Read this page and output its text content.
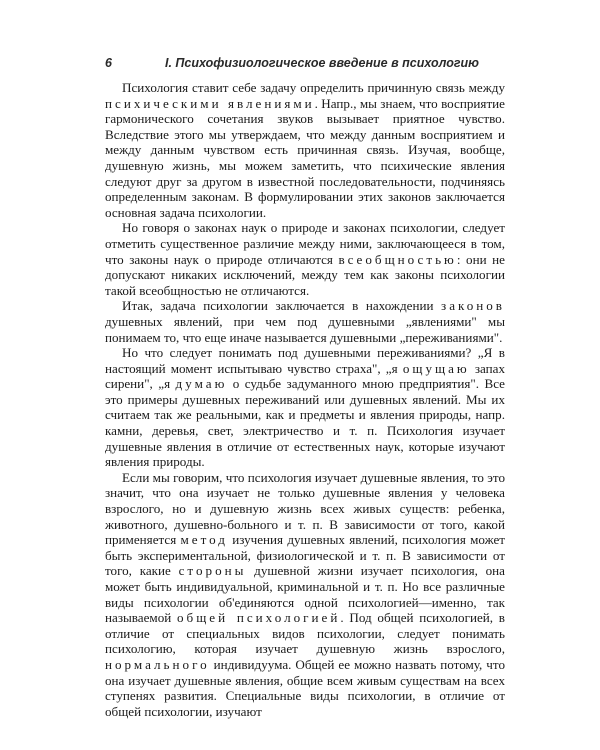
6	I. Психофизиологическое введение в психологию

Психология ставит себе задачу определить причинную связь между психическими явлениями. Напр., мы знаем, что восприятие гармонического сочетания звуков вызывает приятное чувство. Вследствие этого мы утверждаем, что между данным восприятием и между данным чувством есть причинная связь. Изучая, вообще, душевную жизнь, мы можем заметить, что психические явления следуют друг за другом в известной последовательности, подчиняясь определенным законам. В формулировании этих законов заключается основная задача психологии.

Но говоря о законах наук о природе и законах психологии, следует отметить существенное различие между ними, заключающееся в том, что законы наук о природе отличаются всеобщностью: они не допускают никаких исключений, между тем как законы психологии такой всеобщностью не отличаются.

Итак, задача психологии заключается в нахождении законов душевных явлений, при чем под душевными „явлениями" мы понимаем то, что еще иначе называется душевными „переживаниями".

Но что следует понимать под душевными переживаниями? „Я в настоящий момент испытываю чувство страха", „я ощущаю запах сирени", „я думаю о судьбе задуманного мною предприятия". Все это примеры душевных переживаний или душевных явлений. Мы их считаем так же реальными, как и предметы и явления природы, напр. камни, деревья, свет, электричество и т. п. Психология изучает душевные явления в отличие от естественных наук, которые изучают явления природы.

Если мы говорим, что психология изучает душевные явления, то это значит, что она изучает не только душевные явления у человека взрослого, но и душевную жизнь всех живых существ: ребенка, животного, душевно-больного и т. п. В зависимости от того, какой применяется метод изучения душевных явлений, психология может быть экспериментальной, физиологической и т. п. В зависимости от того, какие стороны душевной жизни изучает психология, она может быть индивидуальной, криминальной и т. п. Но все различные виды психологии об'единяются одной психологией—именно, так называемой общей психологией. Под общей психологией, в отличие от специальных видов психологии, следует понимать психологию, которая изучает душевную жизнь взрослого, нормального индивидуума. Общей ее можно назвать потому, что она изучает душевные явления, общие всем живым существам на всех ступенях развития. Специальные виды психологии, в отличие от общей психологии, изучают
